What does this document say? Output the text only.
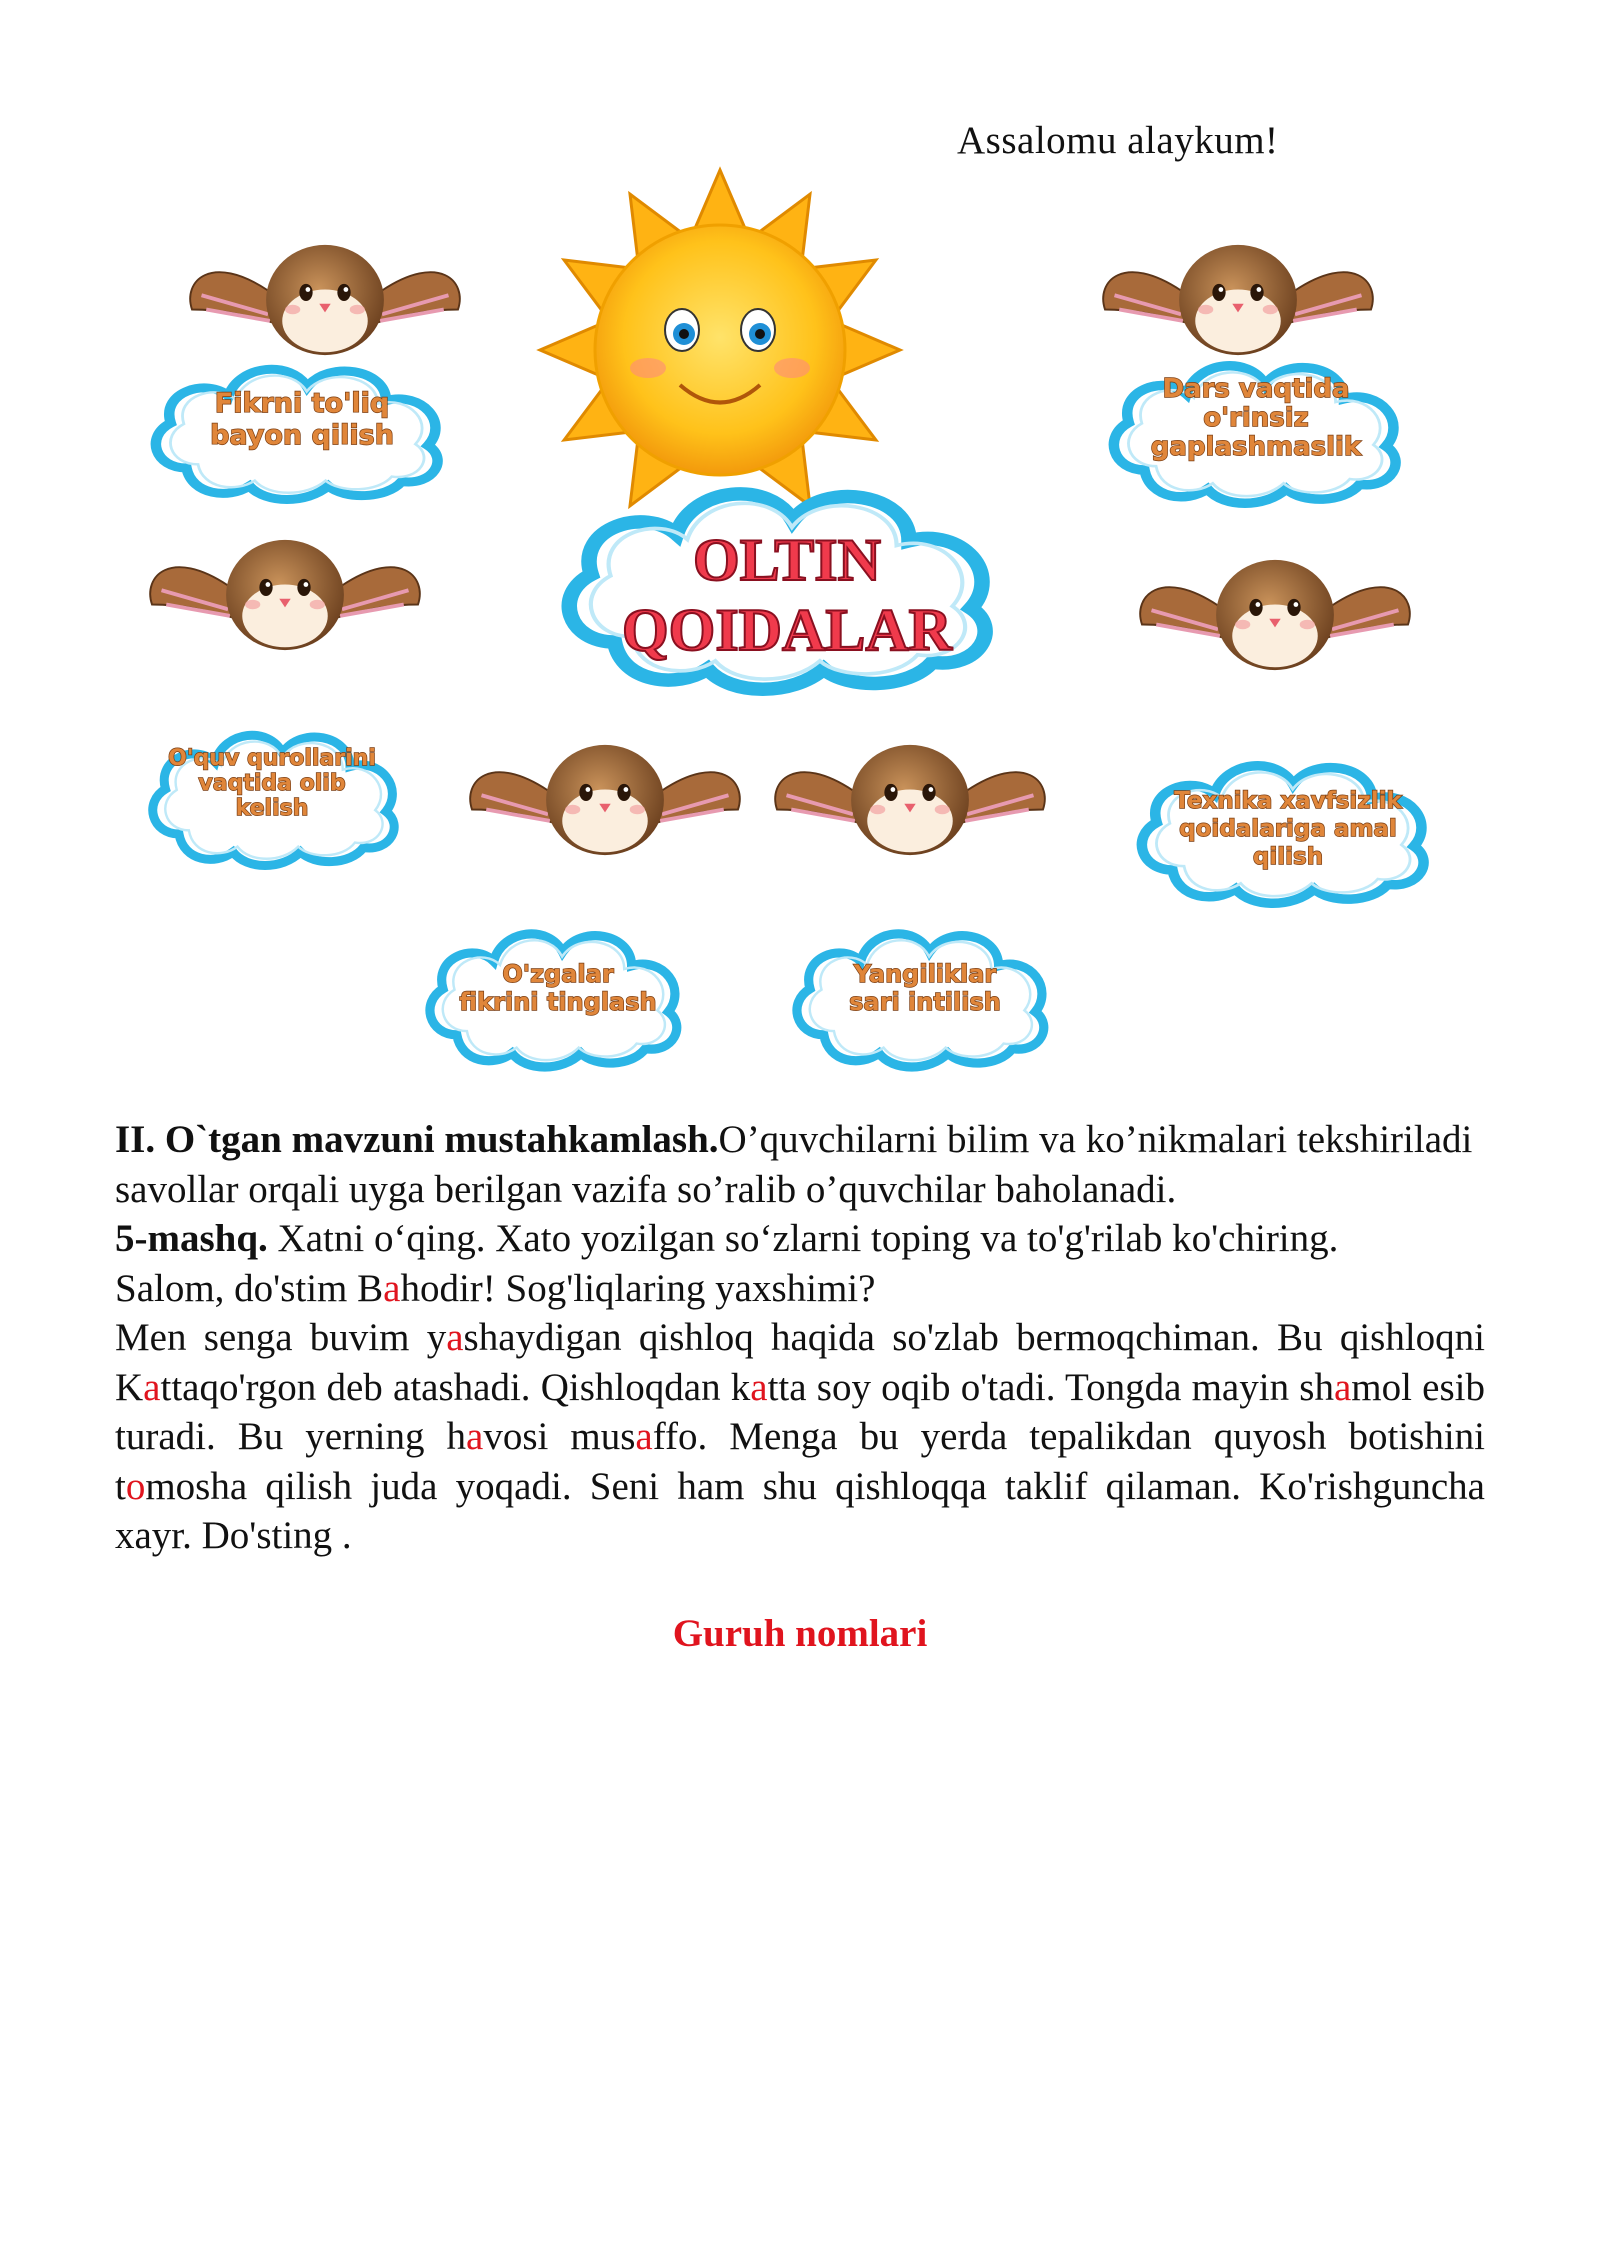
Assalomu alaykum!
OLTIN
QOIDALAR
Fikrni to'liq
bayon qilish
Dars vaqtida
o'rinsiz
gaplashmaslik
O'quv qurollarini
vaqtida olib
kelish	Texnika xavfsizlik
qoidalariga amal
qilish
O'zgalar
fikrini tinglash
Yangiliklar
sari intilish

II. O`tgan mavzuni mustahkamlash.O’quvchilarni bilim va ko’nikmalari tekshiriladi savollar orqali uyga berilgan vazifa so’ralib o’quvchilar baholanadi.

5-mashq. Xatni o‘qing. Xato yozilgan so‘zlarni toping va to'g'rilab ko'chiring.

Salom, do'stim Bahodir! Sog'liqlaring yaxshimi?

Men senga buvim yashaydigan qishloq haqida so'zlab bermoqchiman. Bu qishloqni Kattaqo'rgon deb atashadi. Qishloqdan katta soy oqib o'tadi. Tongda mayin shamol esib turadi. Bu yerning havosi musaffo. Menga bu yerda tepalikdan quyosh botishini tomosha qilish juda yoqadi. Seni ham shu qishloqqa taklif qilaman. Ko'rishguncha xayr. Do'sting .

Guruh nomlari
